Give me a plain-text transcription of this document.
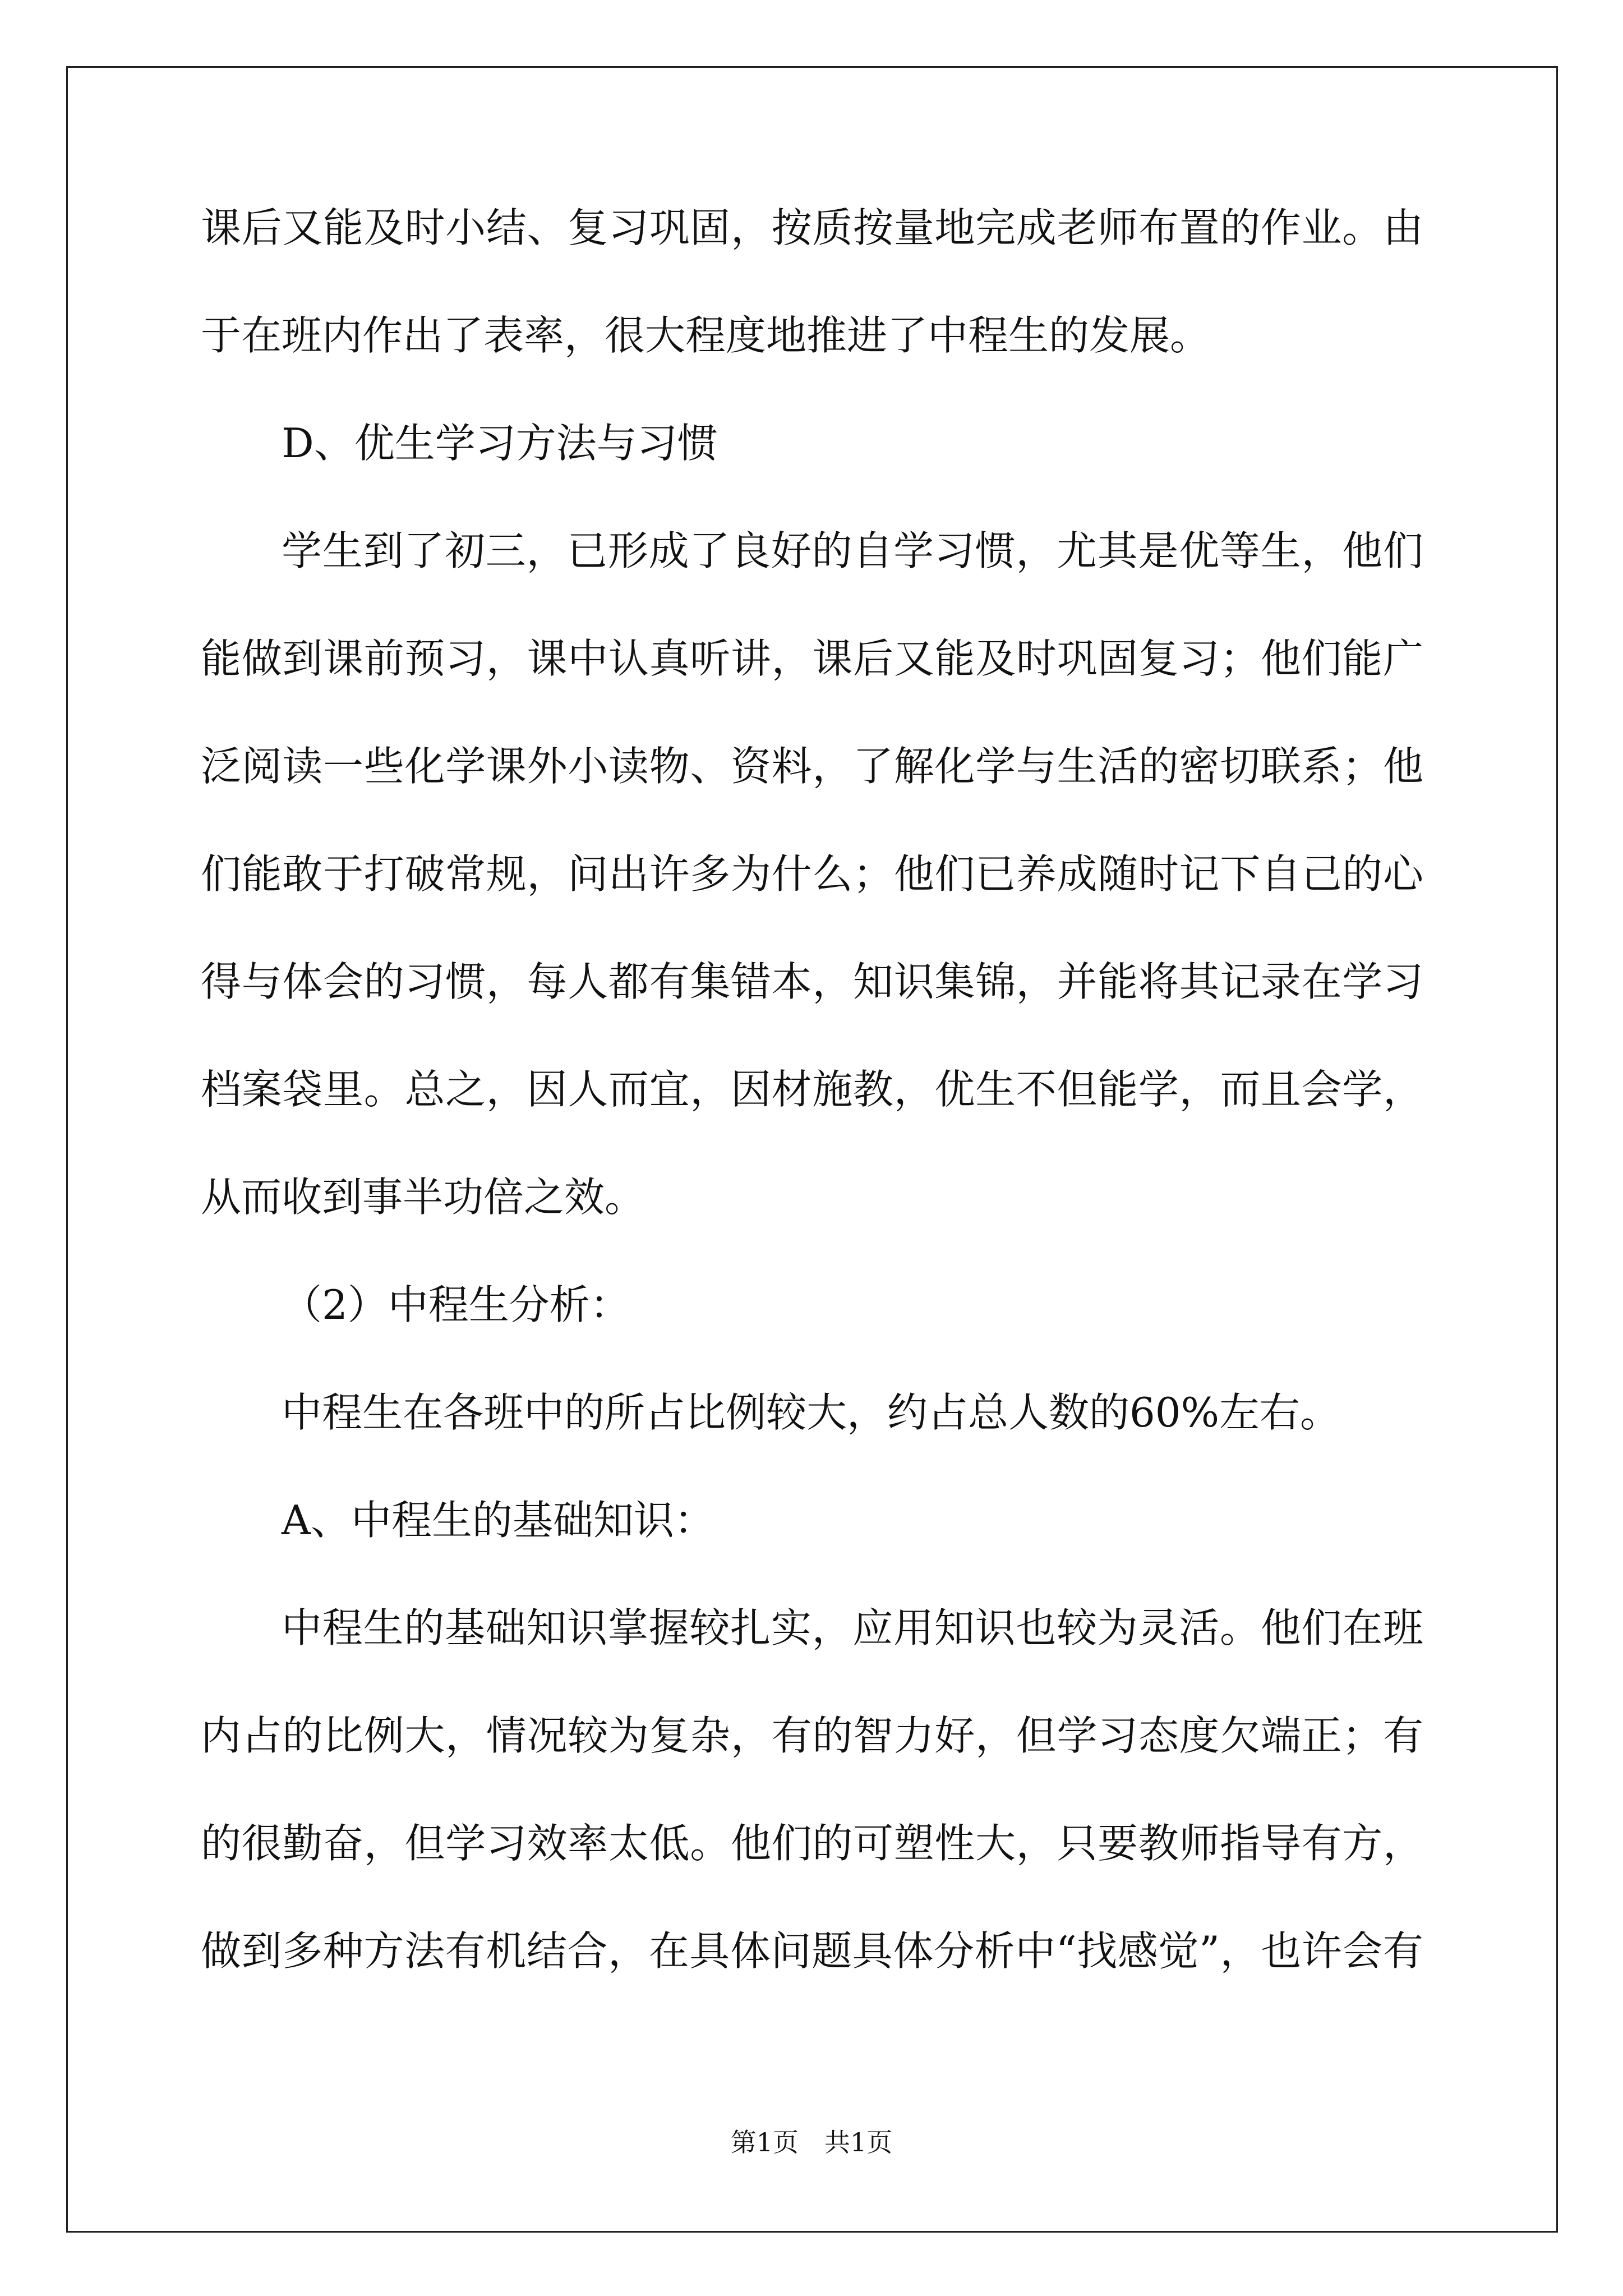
课后又能及时小结、复习巩固，按质按量地完成老师布置的作业。由
于在班内作出了表率，很大程度地推进了中程生的发展。
D、优生学习方法与习惯
学生到了初三，已形成了良好的自学习惯，尤其是优等生，他们
能做到课前预习，课中认真听讲，课后又能及时巩固复习；他们能广
泛阅读一些化学课外小读物、资料，了解化学与生活的密切联系；他
们能敢于打破常规，问出许多为什么；他们已养成随时记下自己的心
得与体会的习惯，每人都有集错本，知识集锦，并能将其记录在学习
档案袋里。总之，因人而宜，因材施教，优生不但能学，而且会学，
从而收到事半功倍之效。
（2）中程生分析：
中程生在各班中的所占比例较大，约占总人数的60%左右。
A、中程生的基础知识：
中程生的基础知识掌握较扎实，应用知识也较为灵活。他们在班
内占的比例大，情况较为复杂，有的智力好，但学习态度欠端正；有
的很勤奋，但学习效率太低。他们的可塑性大，只要教师指导有方，
做到多种方法有机结合，在具体问题具体分析中“找感觉”，也许会有
第1页　共1页
